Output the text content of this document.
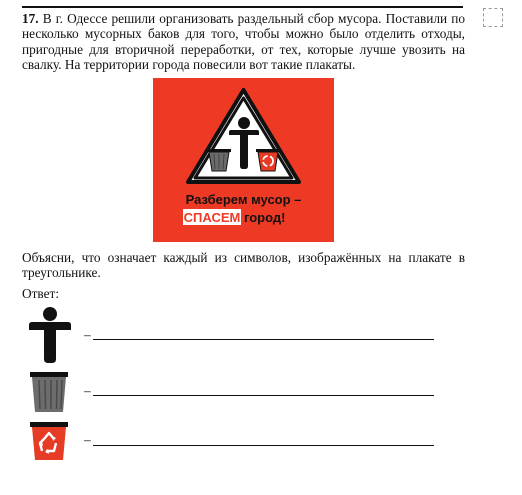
17. В г. Одессе решили организовать раздельный сбор мусора. Поставили по несколько мусорных баков для того, чтобы можно было отделить отходы, пригодные для вторичной переработки, от тех, которые лучше увозить на свалку. На территории города повесили вот такие плакаты.
Разберем мусор –
СПАСЕМ город!
Объясни, что означает каждый из символов, изображённых на плакате в треугольнике.
Ответ:
–
–
–
